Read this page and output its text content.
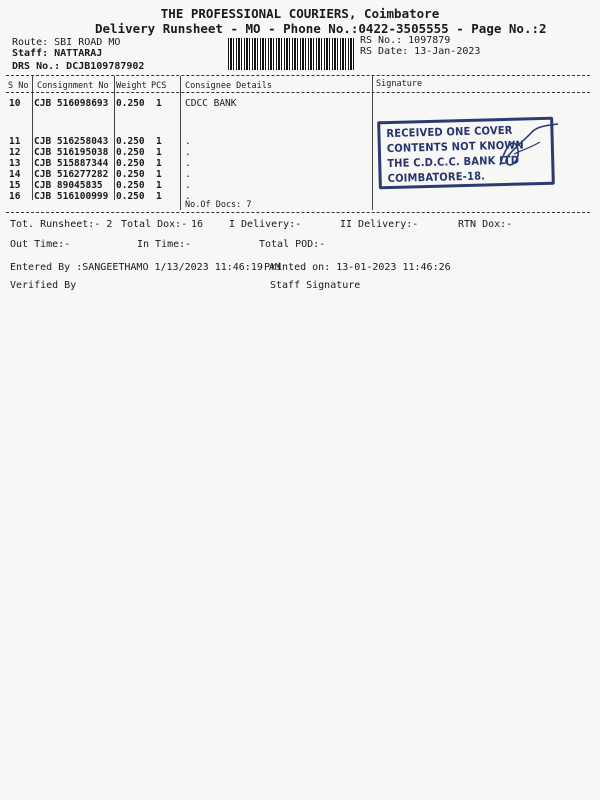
THE PROFESSIONAL COURIERS, Coimbatore
Delivery Runsheet - MO - Phone No.:0422-3505555 - Page No.:2
Route: SBI ROAD MO
Staff: NATTARAJ
DRS No.: DCJB109787902
RS No.: 1097879
RS Date: 13-Jan-2023
S No Consignment No Weight PCS Consignee Details	Signature
10 CJB 516098693 0.250 1 CDCC BANK
11 CJB 516258043 0.250 1 .
12 CJB 516195038 0.250 1 .
13 CJB 515887344 0.250 1 .
14 CJB 516277282 0.250 1 .
15 CJB 89045835 0.250 1 .
16 CJB 516100999 0.250 1 .
No.Of Docs: 7
RECEIVED ONE COVER
CONTENTS NOT KNOWN
THE C.D.C.C. BANK LTD
COIMBATORE-18.
Tot. Runsheet:- 2 Total Dox:- 16	I Delivery:-	II Delivery:-	RTN Dox:-
Out Time:-	In Time:-	Total POD:-
Entered By :SANGEETHAMO 1/13/2023 11:46:19 AM
Printed on: 13-01-2023 11:46:26
Verified By	Staff Signature
